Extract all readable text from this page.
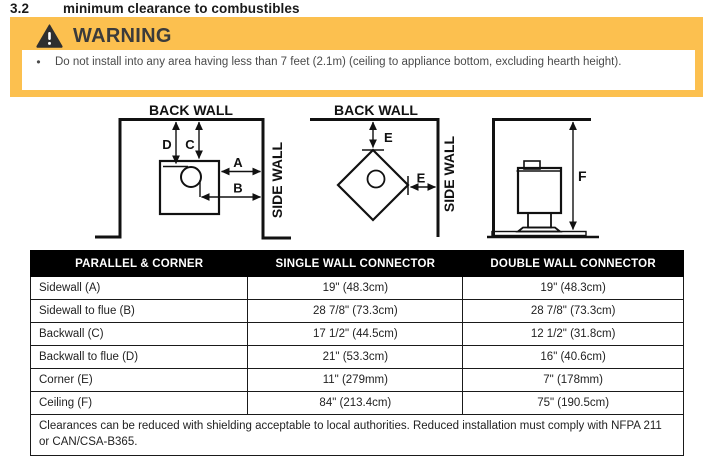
3.2	minimum clearance to combustibles
WARNING
•	Do not install into any area having less than 7 feet (2.1m) (ceiling to appliance bottom, excluding hearth height).
BACK WALL
SIDE WALL
D C
A
B
BACK WALL
SIDE WALL
E
E	F
PARALLEL & CORNER	SINGLE WALL CONNECTOR	DOUBLE WALL CONNECTOR
Sidewall (A)	19" (48.3cm)	19" (48.3cm)
Sidewall to flue (B)	28 7/8" (73.3cm)	28 7/8" (73.3cm)
Backwall (C)	17 1/2" (44.5cm)	12 1/2" (31.8cm)
Backwall to flue (D)	21" (53.3cm)	16" (40.6cm)
Corner (E)	11" (279mm)	7" (178mm)
Ceiling (F)	84" (213.4cm)	75" (190.5cm)
Clearances can be reduced with shielding acceptable to local authorities. Reduced installation must comply with NFPA 211 or CAN/CSA-B365.		
